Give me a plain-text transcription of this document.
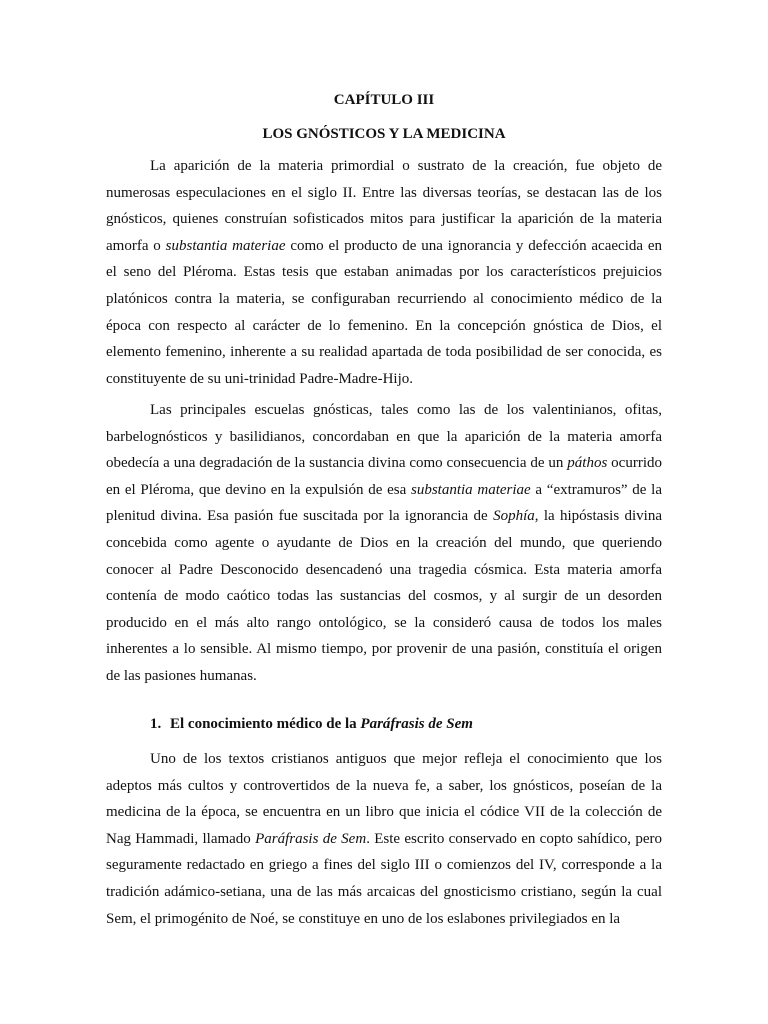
CAPÍTULO III
LOS GNÓSTICOS Y LA MEDICINA

La aparición de la materia primordial o sustrato de la creación, fue objeto de numerosas especulaciones en el siglo II. Entre las diversas teorías, se destacan las de los gnósticos, quienes construían sofisticados mitos para justificar la aparición de la materia amorfa o substantia materiae como el producto de una ignorancia y defección acaecida en el seno del Pléroma. Estas tesis que estaban animadas por los característicos prejuicios platónicos contra la materia, se configuraban recurriendo al conocimiento médico de la época con respecto al carácter de lo femenino. En la concepción gnóstica de Dios, el elemento femenino, inherente a su realidad apartada de toda posibilidad de ser conocida, es constituyente de su uni-trinidad Padre-Madre-Hijo.

Las principales escuelas gnósticas, tales como las de los valentinianos, ofitas, barbelognósticos y basilidianos, concordaban en que la aparición de la materia amorfa obedecía a una degradación de la sustancia divina como consecuencia de un páthos ocurrido en el Pléroma, que devino en la expulsión de esa substantia materiae a “extramuros” de la plenitud divina. Esa pasión fue suscitada por la ignorancia de Sophía, la hipóstasis divina concebida como agente o ayudante de Dios en la creación del mundo, que queriendo conocer al Padre Desconocido desencadenó una tragedia cósmica. Esta materia amorfa contenía de modo caótico todas las sustancias del cosmos, y al surgir de un desorden producido en el más alto rango ontológico, se la consideró causa de todos los males inherentes a lo sensible. Al mismo tiempo, por provenir de una pasión, constituía el origen de las pasiones humanas.

1. El conocimiento médico de la Paráfrasis de Sem

Uno de los textos cristianos antiguos que mejor refleja el conocimiento que los adeptos más cultos y controvertidos de la nueva fe, a saber, los gnósticos, poseían de la medicina de la época, se encuentra en un libro que inicia el códice VII de la colección de Nag Hammadi, llamado Paráfrasis de Sem. Este escrito conservado en copto sahídico, pero seguramente redactado en griego a fines del siglo III o comienzos del IV, corresponde a la tradición adámico-setiana, una de las más arcaicas del gnosticismo cristiano, según la cual Sem, el primogénito de Noé, se constituye en uno de los eslabones privilegiados en la
